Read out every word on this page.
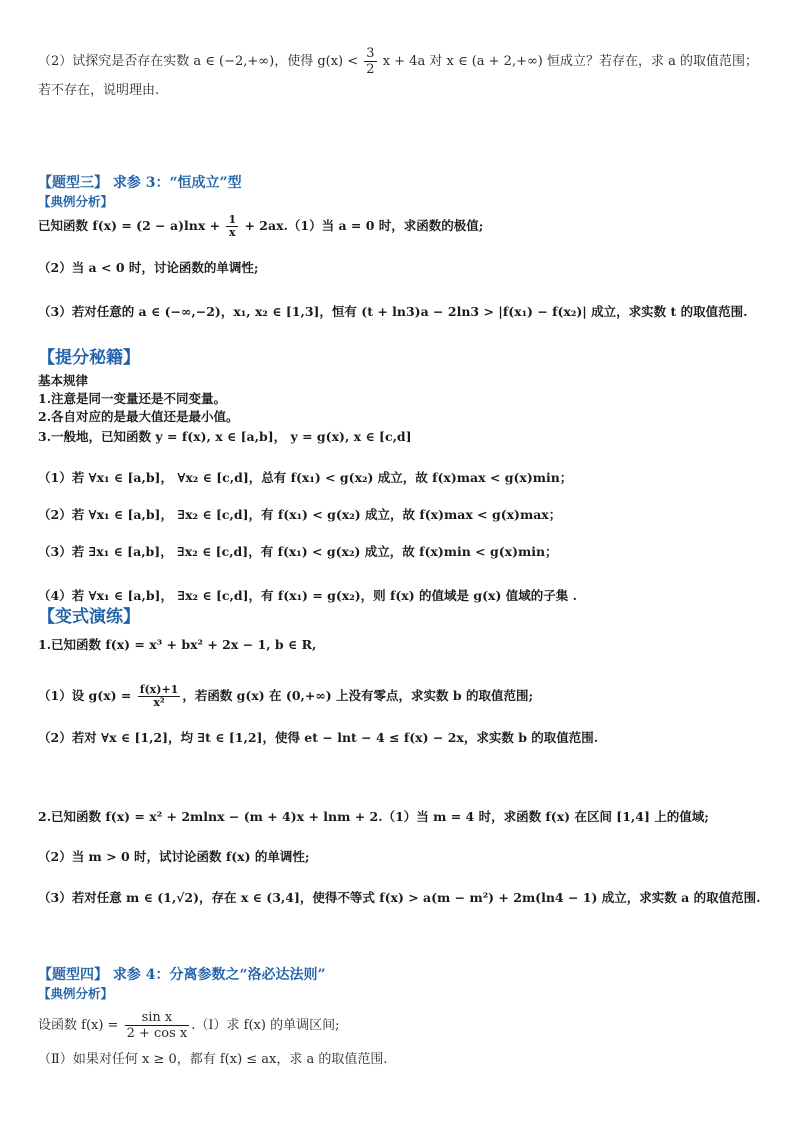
（2）试探究是否存在实数 a ∈ (−2,+∞)，使得 $g(x) < \frac{3}{2}$ x + 4a 对 x ∈ (a + 2,+∞) 恒成立？若存在，求 a 的取值范围；
若不存在，说明理由.
【题型三】 求参 3：“恒成立”型
【典例分析】
已知函数 $f(x) = (2 - a)\ln x + \frac{1}{x} + 2ax.(1)$当 a = 0 时，求函数的极值;
（2）当 a < 0 时，讨论函数的单调性;
（3）若对任意的 a ∈ (−∞,−2)，x₁, x₂ ∈ [1,3]，恒有 (t + ln3)a − 2ln3 > |f(x₁) − f(x₂)| 成立，求实数 t 的取值范围.
【提分秘籍】
基本规律
1.注意是同一变量还是不同变量。
2.各自对应的是最大值还是最小值。
3.一般地，已知函数 y = f(x), x ∈ [a,b]， y = g(x), x ∈ [c,d]
（1）若 ∀x₁ ∈ [a,b]， ∀x₂ ∈ [c,d]，总有 f(x₁) < g(x₂) 成立，故 f(x)max < g(x)min；
（2）若 ∀x₁ ∈ [a,b]， ∃x₂ ∈ [c,d]，有 f(x₁) < g(x₂) 成立，故 f(x)max < g(x)max；
（3）若 ∃x₁ ∈ [a,b]， ∃x₂ ∈ [c,d]，有 f(x₁) < g(x₂) 成立，故 f(x)min < g(x)min；
（4）若 ∀x₁ ∈ [a,b]， ∃x₂ ∈ [c,d]，有 f(x₁) = g(x₂)，则 f(x) 的值域是 g(x) 值域的子集 .
【变式演练】
1.已知函数 f(x) = x³ + bx² + 2x − 1, b ∈ R,
（1）设 $g(x) = \frac{f(x)+1}{\text{x²}}$ ，若函数 g(x) 在 (0,+∞) 上没有零点，求实数 b 的取值范围;
（2）若对 ∀x ∈ [1,2]，均 ∃t ∈ [1,2]，使得 et − lnt − 4 ≤ f(x) − 2x，求实数 b 的取值范围.
2.已知函数 f(x) = x² + 2mlnx − (m + 4)x + lnm + 2.（1）当 m = 4 时，求函数 f(x) 在区间 [1,4] 上的值域;
（2）当 m > 0 时，试讨论函数 f(x) 的单调性;
（3）若对任意 m ∈ (1,√2)，存在 x ∈ (3,4]，使得不等式 f(x) > a(m − m²) + 2m(ln4 − 1) 成立，求实数 a 的取值范围.
【题型四】 求参 4：分离参数之“洛必达法则”
【典例分析】
设函数 $f(x) = \frac{\text{sin x}}{\text{2 + cos x}}$ .（Ⅰ）求 f(x) 的单调区间;
（Ⅱ）如果对任何 x ≥ 0，都有 f(x) ≤ ax，求 a 的取值范围.
